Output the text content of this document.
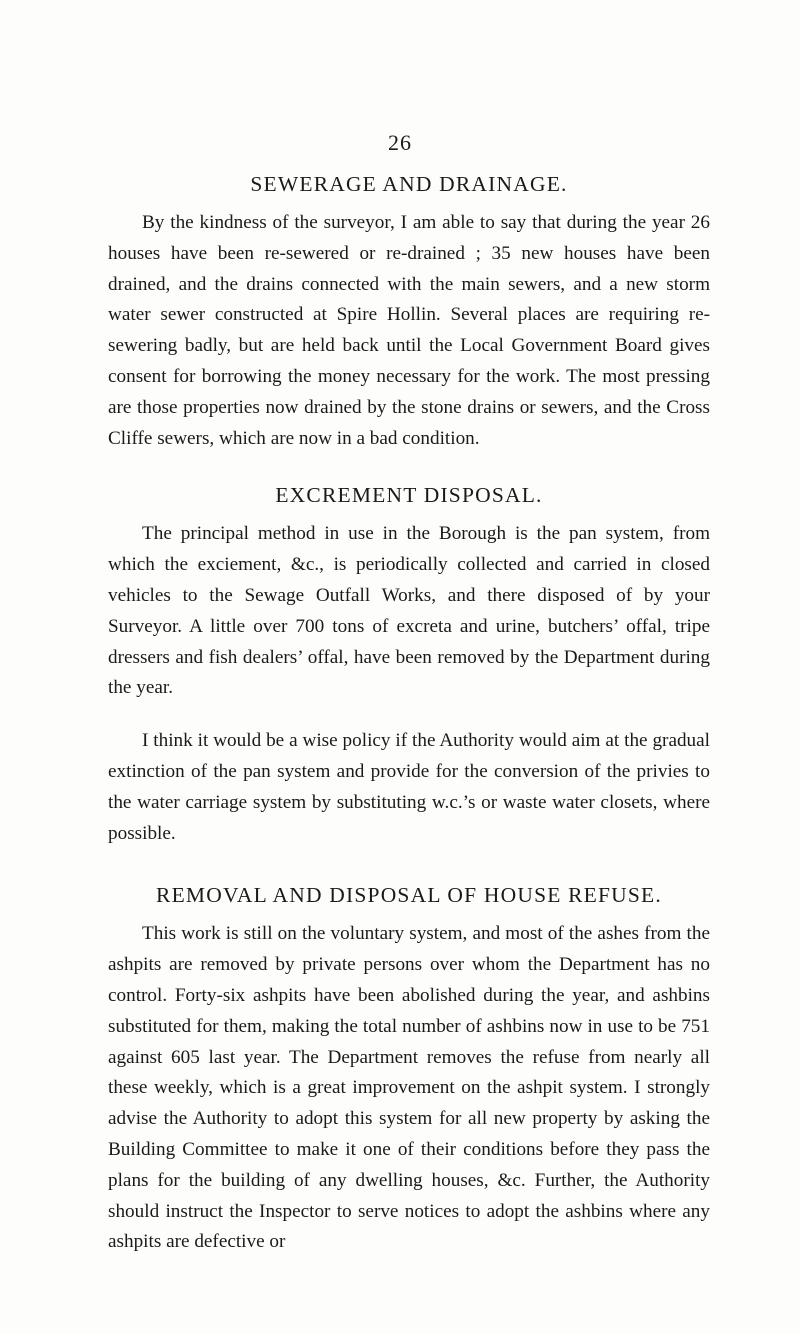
26
SEWERAGE AND DRAINAGE.

By the kindness of the surveyor, I am able to say that during the year 26 houses have been re-sewered or re-drained ; 35 new houses have been drained, and the drains connected with the main sewers, and a new storm water sewer constructed at Spire Hollin. Several places are requiring re-sewering badly, but are held back until the Local Government Board gives consent for borrowing the money necessary for the work. The most pressing are those properties now drained by the stone drains or sewers, and the Cross Cliffe sewers, which are now in a bad condition.

EXCREMENT DISPOSAL.

The principal method in use in the Borough is the pan system, from which the exciement, &c., is periodically collected and carried in closed vehicles to the Sewage Outfall Works, and there disposed of by your Surveyor. A little over 700 tons of excreta and urine, butchers’ offal, tripe dressers and fish dealers’ offal, have been removed by the Department during the year.

I think it would be a wise policy if the Authority would aim at the gradual extinction of the pan system and provide for the conversion of the privies to the water carriage system by substituting w.c.’s or waste water closets, where possible.

REMOVAL AND DISPOSAL OF HOUSE REFUSE.

This work is still on the voluntary system, and most of the ashes from the ashpits are removed by private persons over whom the Department has no control. Forty-six ashpits have been abolished during the year, and ashbins substituted for them, making the total number of ashbins now in use to be 751 against 605 last year. The Department removes the refuse from nearly all these weekly, which is a great improvement on the ashpit system. I strongly advise the Authority to adopt this system for all new property by asking the Building Committee to make it one of their conditions before they pass the plans for the building of any dwelling houses, &c. Further, the Authority should instruct the Inspector to serve notices to adopt the ashbins where any ashpits are defective or
